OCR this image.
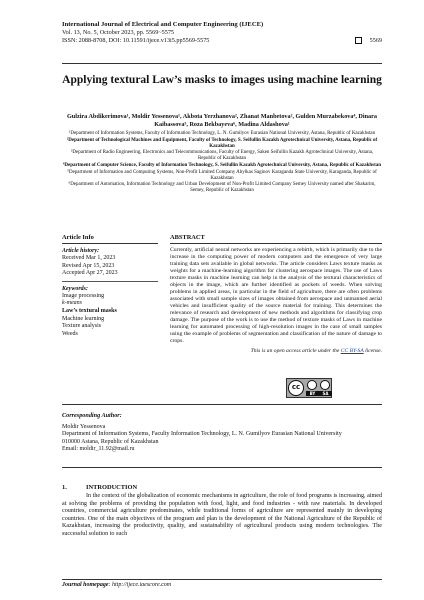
International Journal of Electrical and Computer Engineering (IJECE)
Vol. 13, No. 5, October 2023, pp. 5569~5575
ISSN: 2088-8708, DOI: 10.11591/ijece.v13i5.pp5569-5575	5569
Applying textural Law’s masks to images using machine learning
Gulzira Abdikerimova¹, Moldir Yessenova¹, Akbota Yerzhanova², Zhanat Manbetova², Gulden Murzabekova⁴, Dinara Kaibassova⁵, Roza Bekbayeva⁶, Madina Aldashova¹
¹Department of Information Systems, Faculty of Information Technology, L. N. Gumilyov Eurasian National University, Astana, Republic of Kazakhstan
²Department of Technological Machines and Equipment, Faculty of Technology, S. Seifullin Kazakh Agrotechnical University, Astana, Republic of Kazakhstan
³Department of Radio Engineering, Electronics and Telecommunications, Faculty of Energy, Saken Seifullin Kazakh Agrotechnical University, Astana, Republic of Kazakhstan
⁴Department of Computer Science, Faculty of Information Technology, S. Seifullin Kazakh Agrotechnical University, Astana, Republic of Kazakhstan
⁵Department of Information and Computing Systems, Non-Profit Limited Company Abylkas Saginov Karaganda State University, Karaganda, Republic of Kazakhstan
⁶Department of Automation, Information Technology and Urban Development of Non-Profit Limited Company Semey University named after Shakarim, Semey, Republic of Kazakhstan
Article Info
Article history:
Received Mar 1, 2023
Revised Apr 15, 2023
Accepted Apr 27, 2023
Keywords:
Image processing
k-means
Law’s textural masks
Machine learning
Texture analysis
Weeds
ABSTRACT
Currently, artificial neural networks are experiencing a rebirth, which is primarily due to the increase in the computing power of modern computers and the emergence of very large training data sets available in global networks. The article considers Laws texture masks as weights for a machine-learning algorithm for clustering aerospace images. The use of Laws texture masks in machine learning can help in the analysis of the textural characteristics of objects in the image, which are further identified as pockets of weeds. When solving problems in applied areas, in particular in the field of agriculture, there are often problems associated with small sample sizes of images obtained from aerospace and unmanned aerial vehicles and insufficient quality of the source material for training. This determines the relevance of research and development of new methods and algorithms for classifying crop damage. The purpose of the work is to use the method of texture masks of Laws in machine learning for automated processing of high-resolution images in the case of small samples using the example of problems of segmentation and classification of the nature of damage to crops.
This is an open access article under the CC BY-SA license.
cc
BY SA
Corresponding Author:
Moldir Yessenova
Department of Information Systems, Faculty Information Technology, L. N. Gumilyov Eurasian National University
010000 Astana, Republic of Kazakhstan
Email: moldir_11.92@mail.ru
1.	INTRODUCTION
In the context of the globalization of economic mechanisms in agriculture, the role of food programs is increasing, aimed at solving the problems of providing the population with food, light, and food industries - with raw materials. In developed countries, commercial agriculture predominates, while traditional forms of agriculture are represented mainly in developing countries. One of the main objectives of the program and plan is the development of the National Agriculture of the Republic of Kazakhstan, increasing the productivity, quality, and sustainability of agricultural products using modern technologies. The successful solution to such
Journal homepage: http://ijece.iaescore.com
